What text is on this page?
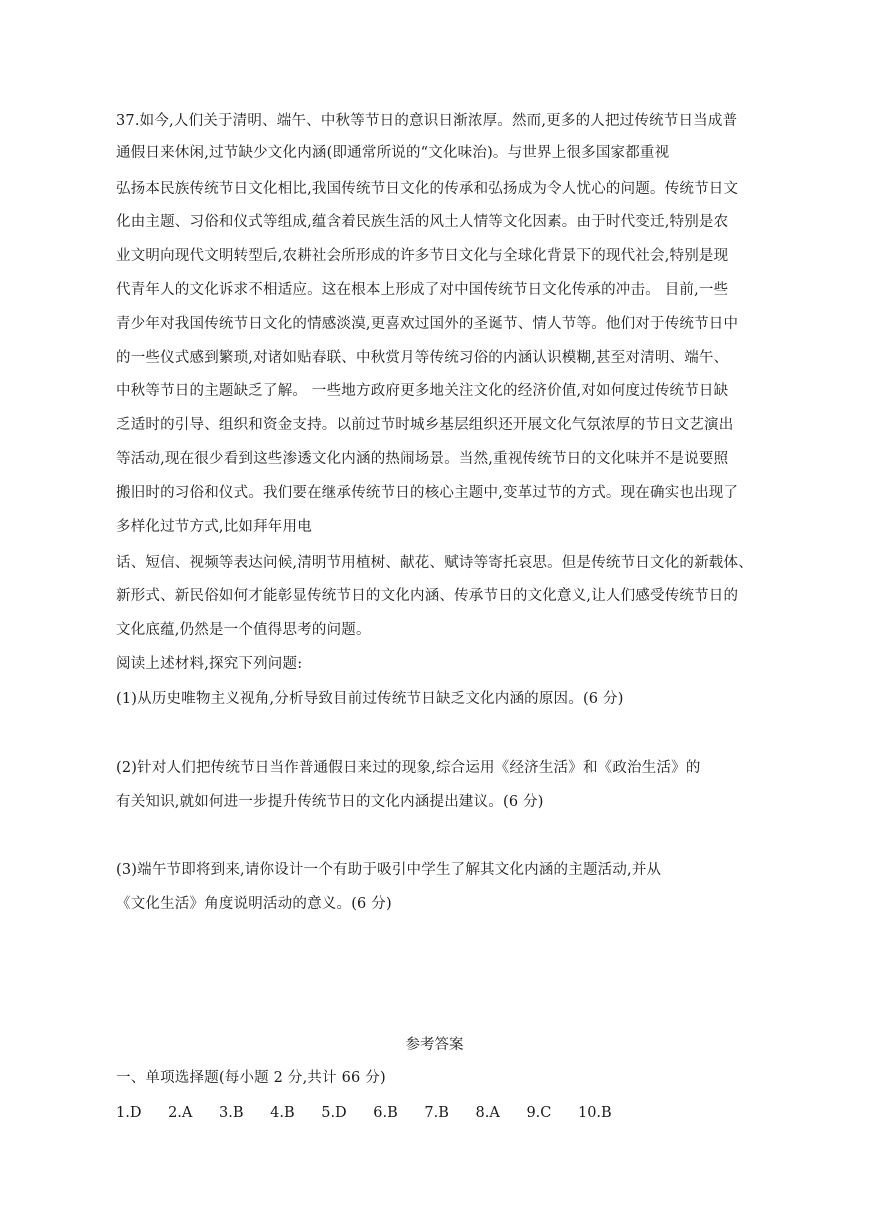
37.如今,人们关于清明、端午、中秋等节日的意识日渐浓厚。然而,更多的人把过传统节日当成普
通假日来休闲,过节缺少文化内涵(即通常所说的“文化味治)。与世界上很多国家都重视
弘扬本民族传统节日文化相比,我国传统节日文化的传承和弘扬成为令人忧心的问题。传统节日文
化由主题、习俗和仪式等组成,蕴含着民族生活的风土人情等文化因素。由于时代变迁,特别是农
业文明向现代文明转型后,农耕社会所形成的许多节日文化与全球化背景下的现代社会,特别是现
代青年人的文化诉求不相适应。这在根本上形成了对中国传统节日文化传承的冲击。 目前,一些
青少年对我国传统节日文化的情感淡漠,更喜欢过国外的圣诞节、情人节等。他们对于传统节日中
的一些仪式感到繁琐,对诸如贴春联、中秋赏月等传统习俗的内涵认识模糊,甚至对清明、端午、
中秋等节日的主题缺乏了解。 一些地方政府更多地关注文化的经济价值,对如何度过传统节日缺
乏适时的引导、组织和资金支持。以前过节时城乡基层组织还开展文化气氛浓厚的节日文艺演出
等活动,现在很少看到这些渗透文化内涵的热闹场景。当然,重视传统节日的文化味并不是说要照
搬旧时的习俗和仪式。我们要在继承传统节日的核心主题中,变革过节的方式。现在确实也出现了
多样化过节方式,比如拜年用电
话、短信、视频等表达问候,清明节用植树、献花、赋诗等寄托哀思。但是传统节日文化的新载体、
新形式、新民俗如何才能彰显传统节日的文化内涵、传承节日的文化意义,让人们感受传统节日的
文化底蕴,仍然是一个值得思考的问题。
阅读上述材料,探究下列问题:
(1)从历史唯物主义视角,分析导致目前过传统节日缺乏文化内涵的原因。(6 分)
(2)针对人们把传统节日当作普通假日来过的现象,综合运用《经济生活》和《政治生活》的
有关知识,就如何进一步提升传统节日的文化内涵提出建议。(6 分)
(3)端午节即将到来,请你设计一个有助于吸引中学生了解其文化内涵的主题活动,并从
《文化生活》角度说明活动的意义。(6 分)
参考答案
一、单项选择题(每小题 2 分,共计 66 分)
1.D 2.A 3.B 4.B 5.D 6.B 7.B 8.A 9.C 10.B
